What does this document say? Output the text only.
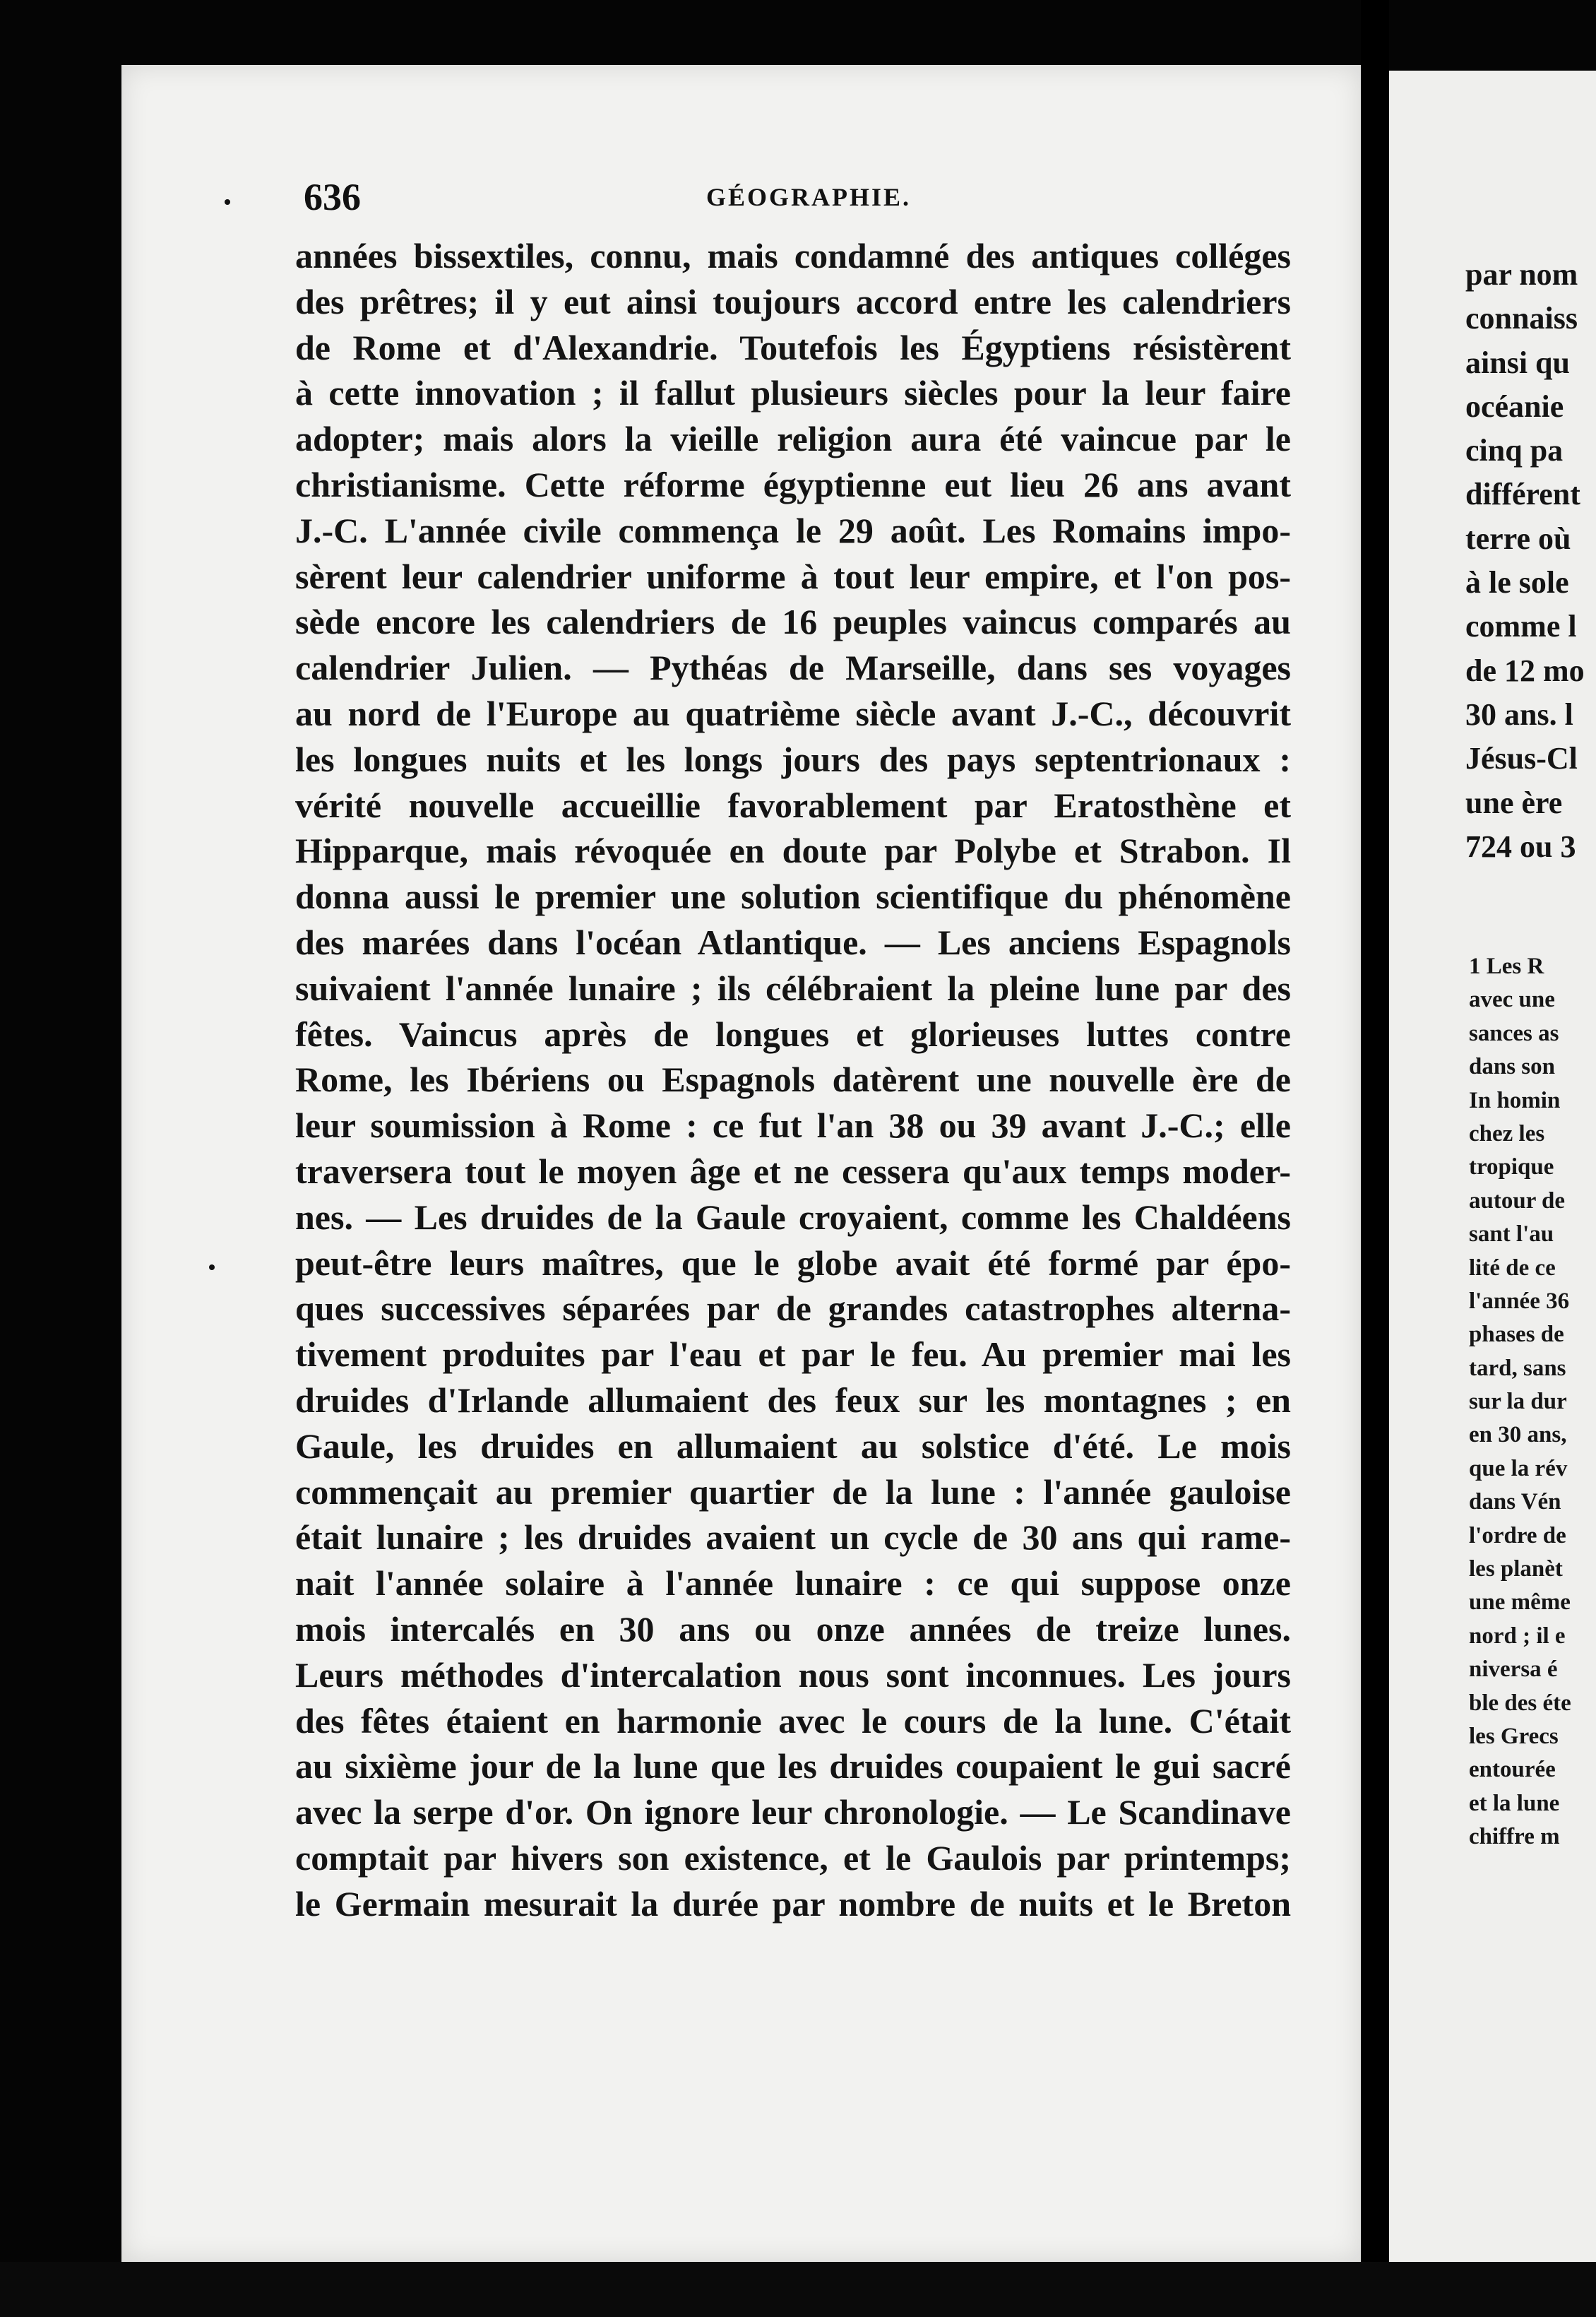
636	GÉOGRAPHIE.
années bissextiles, connu, mais condamné des antiques colléges
des prêtres; il y eut ainsi toujours accord entre les calendriers
de Rome et d'Alexandrie. Toutefois les Égyptiens résistèrent
à cette innovation ; il fallut plusieurs siècles pour la leur faire
adopter; mais alors la vieille religion aura été vaincue par le
christianisme. Cette réforme égyptienne eut lieu 26 ans avant
J.-C. L'année civile commença le 29 août. Les Romains impo-
sèrent leur calendrier uniforme à tout leur empire, et l'on pos-
sède encore les calendriers de 16 peuples vaincus comparés au
calendrier Julien. — Pythéas de Marseille, dans ses voyages
au nord de l'Europe au quatrième siècle avant J.-C., découvrit
les longues nuits et les longs jours des pays septentrionaux :
vérité nouvelle accueillie favorablement par Eratosthène et
Hipparque, mais révoquée en doute par Polybe et Strabon. Il
donna aussi le premier une solution scientifique du phénomène
des marées dans l'océan Atlantique. — Les anciens Espagnols
suivaient l'année lunaire ; ils célébraient la pleine lune par des
fêtes. Vaincus après de longues et glorieuses luttes contre
Rome, les Ibériens ou Espagnols datèrent une nouvelle ère de
leur soumission à Rome : ce fut l'an 38 ou 39 avant J.-C.; elle
traversera tout le moyen âge et ne cessera qu'aux temps moder-
nes. — Les druides de la Gaule croyaient, comme les Chaldéens
peut-être leurs maîtres, que le globe avait été formé par épo-
ques successives séparées par de grandes catastrophes alterna-
tivement produites par l'eau et par le feu. Au premier mai les
druides d'Irlande allumaient des feux sur les montagnes ; en
Gaule, les druides en allumaient au solstice d'été. Le mois
commençait au premier quartier de la lune : l'année gauloise
était lunaire ; les druides avaient un cycle de 30 ans qui rame-
nait l'année solaire à l'année lunaire : ce qui suppose onze
mois intercalés en 30 ans ou onze années de treize lunes.
Leurs méthodes d'intercalation nous sont inconnues. Les jours
des fêtes étaient en harmonie avec le cours de la lune. C'était
au sixième jour de la lune que les druides coupaient le gui sacré
avec la serpe d'or. On ignore leur chronologie. — Le Scandinave
comptait par hivers son existence, et le Gaulois par printemps;
le Germain mesurait la durée par nombre de nuits et le Breton
par nom
connaiss
ainsi qu
océanie
cinq pa
différent
terre où
à le sole
comme l
de 12 mo
30 ans. l
Jésus-Cl
une ère
724 ou 3
1 Les R
avec une
sances as
dans son
In homin
chez les
tropique
autour de
sant l'au
lité de ce
l'année 36
phases de
tard, sans
sur la dur
en 30 ans,
que la rév
dans Vén
l'ordre de
les planèt
une même
nord ; il e
niversa é
ble des éte
les Grecs
entourée
et la lune
chiffre m
